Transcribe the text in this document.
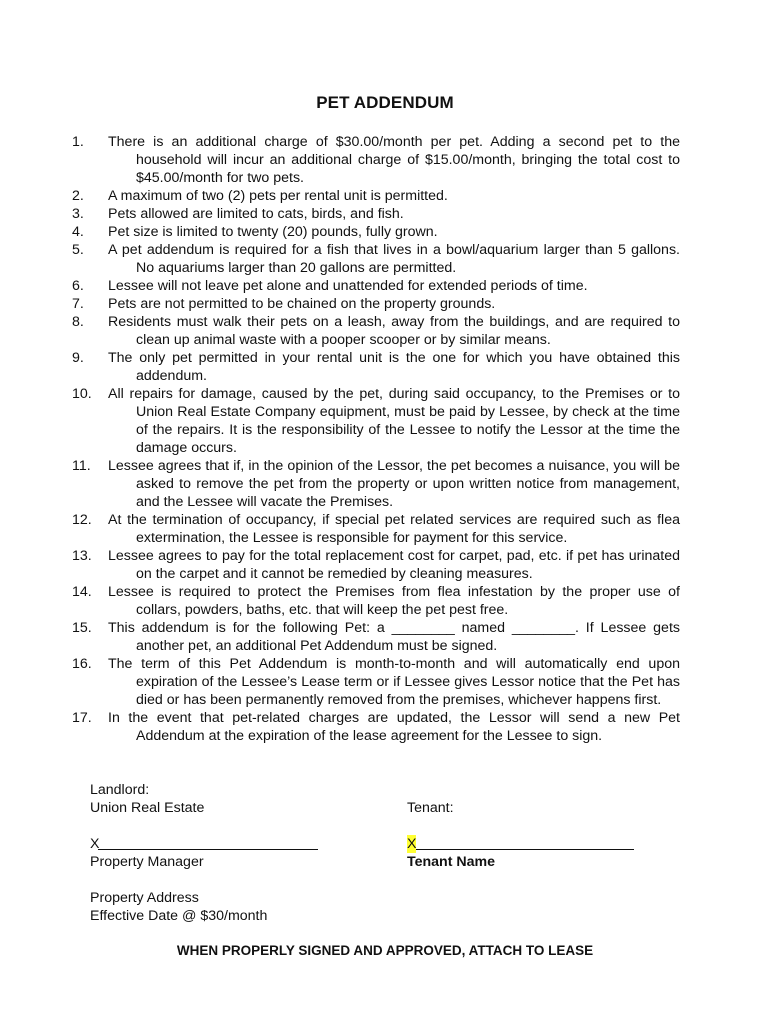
PET ADDENDUM
1.	There is an additional charge of $30.00/month per pet. Adding a second pet to the household will incur an additional charge of $15.00/month, bringing the total cost to $45.00/month for two pets.
2.	A maximum of two (2) pets per rental unit is permitted.
3.	Pets allowed are limited to cats, birds, and fish.
4.	Pet size is limited to twenty (20) pounds, fully grown.
5.	A pet addendum is required for a fish that lives in a bowl/aquarium larger than 5 gallons. No aquariums larger than 20 gallons are permitted.
6.	Lessee will not leave pet alone and unattended for extended periods of time.
7.	Pets are not permitted to be chained on the property grounds.
8.	Residents must walk their pets on a leash, away from the buildings, and are required to clean up animal waste with a pooper scooper or by similar means.
9.	The only pet permitted in your rental unit is the one for which you have obtained this addendum.
10.	All repairs for damage, caused by the pet, during said occupancy, to the Premises or to Union Real Estate Company equipment, must be paid by Lessee, by check at the time of the repairs. It is the responsibility of the Lessee to notify the Lessor at the time the damage occurs.
11.	Lessee agrees that if, in the opinion of the Lessor, the pet becomes a nuisance, you will be asked to remove the pet from the property or upon written notice from management, and the Lessee will vacate the Premises.
12.	At the termination of occupancy, if special pet related services are required such as flea extermination, the Lessee is responsible for payment for this service.
13.	Lessee agrees to pay for the total replacement cost for carpet, pad, etc. if pet has urinated on the carpet and it cannot be remedied by cleaning measures.
14.	Lessee is required to protect the Premises from flea infestation by the proper use of collars, powders, baths, etc. that will keep the pet pest free.
15.	This addendum is for the following Pet: a ________ named ________. If Lessee gets another pet, an additional Pet Addendum must be signed.
16.	The term of this Pet Addendum is month-to-month and will automatically end upon expiration of the Lessee’s Lease term or if Lessee gives Lessor notice that the Pet has died or has been permanently removed from the premises, whichever happens first.
17.	In the event that pet-related charges are updated, the Lessor will send a new Pet Addendum at the expiration of the lease agreement for the Lessee to sign.
Landlord:
Union Real Estate
X
Property Manager
Property Address
Effective Date @ $30/month
Tenant:
X
Tenant Name
WHEN PROPERLY SIGNED AND APPROVED, ATTACH TO LEASE
